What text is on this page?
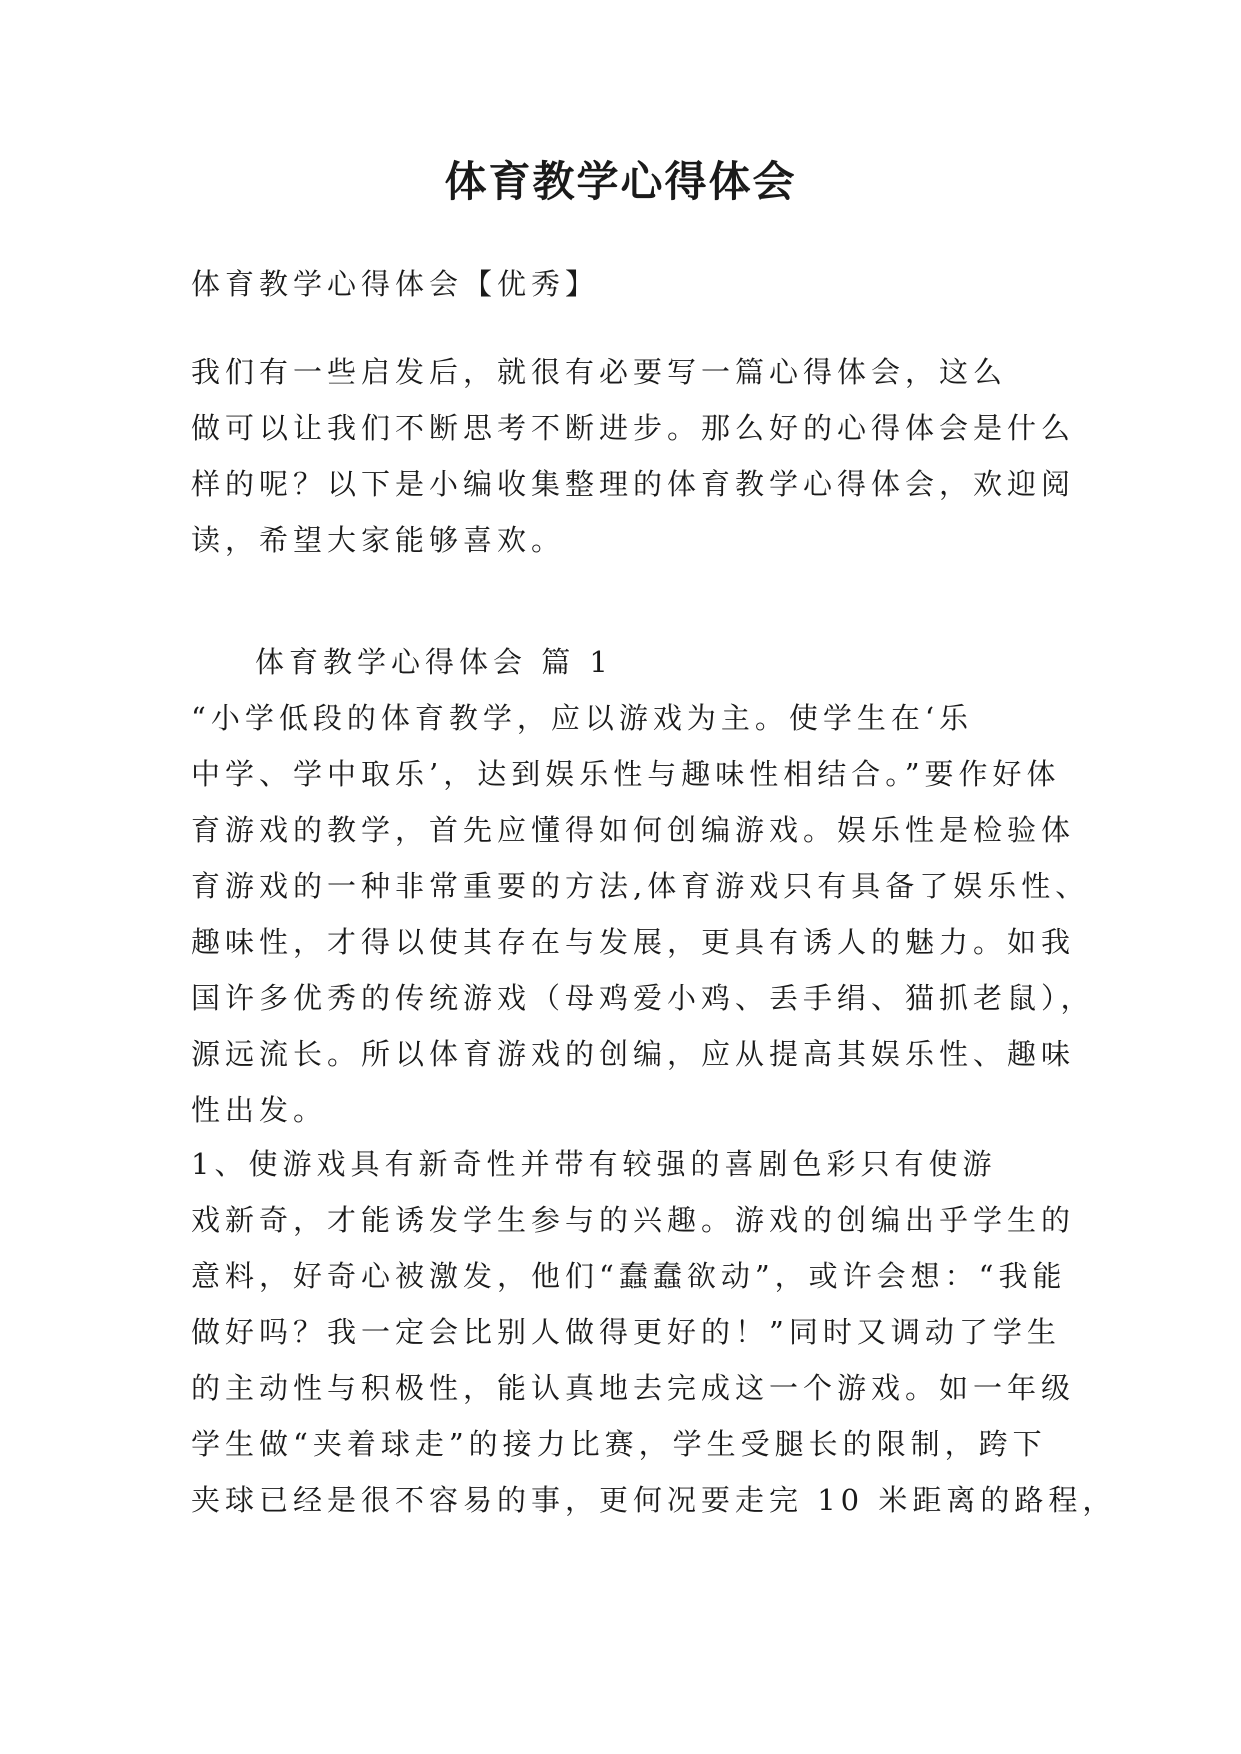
体育教学心得体会

体育教学心得体会【优秀】

我们有一些启发后，就很有必要写一篇心得体会，这么
做可以让我们不断思考不断进步。那么好的心得体会是什么
样的呢？以下是小编收集整理的体育教学心得体会，欢迎阅
读，希望大家能够喜欢。

体育教学心得体会 篇 1

“小学低段的体育教学，应以游戏为主。使学生在‘乐
中学、学中取乐’，达到娱乐性与趣味性相结合。”要作好体
育游戏的教学，首先应懂得如何创编游戏。娱乐性是检验体
育游戏的一种非常重要的方法,体育游戏只有具备了娱乐性、
趣味性，才得以使其存在与发展，更具有诱人的魅力。如我
国许多优秀的传统游戏（母鸡爱小鸡、丢手绢、猫抓老鼠），
源远流长。所以体育游戏的创编，应从提高其娱乐性、趣味
性出发。
1、使游戏具有新奇性并带有较强的喜剧色彩只有使游
戏新奇，才能诱发学生参与的兴趣。游戏的创编出乎学生的
意料，好奇心被激发，他们“蠢蠢欲动”，或许会想：“我能
做好吗？我一定会比别人做得更好的！”同时又调动了学生
的主动性与积极性，能认真地去完成这一个游戏。如一年级
学生做“夹着球走”的接力比赛，学生受腿长的限制，跨下
夹球已经是很不容易的事，更何况要走完 10 米距离的路程，
